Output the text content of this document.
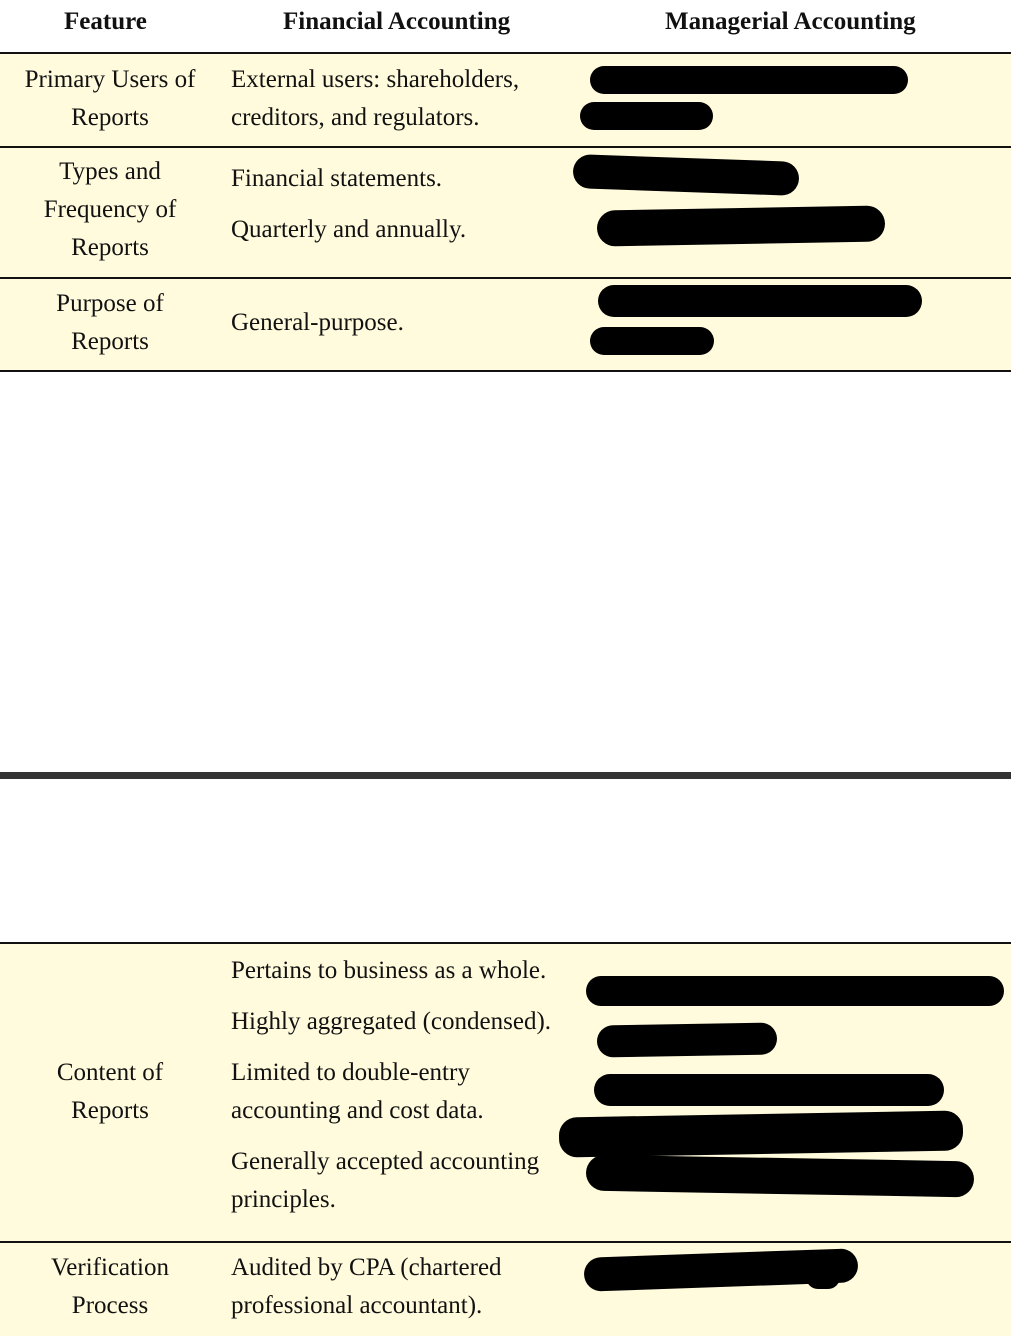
Feature	Financial Accounting	Managerial Accounting
Primary Users of
Reports
External users: shareholders,
creditors, and regulators.
Types and
Frequency of
Reports
Financial statements.
Quarterly and annually.
Purpose of
Reports
General-purpose.
Content of
Reports
Pertains to business as a whole.
Highly aggregated (condensed).
Limited to double-entry
accounting and cost data.
Generally accepted accounting
principles.
Verification
Process
Audited by CPA (chartered
professional accountant).
